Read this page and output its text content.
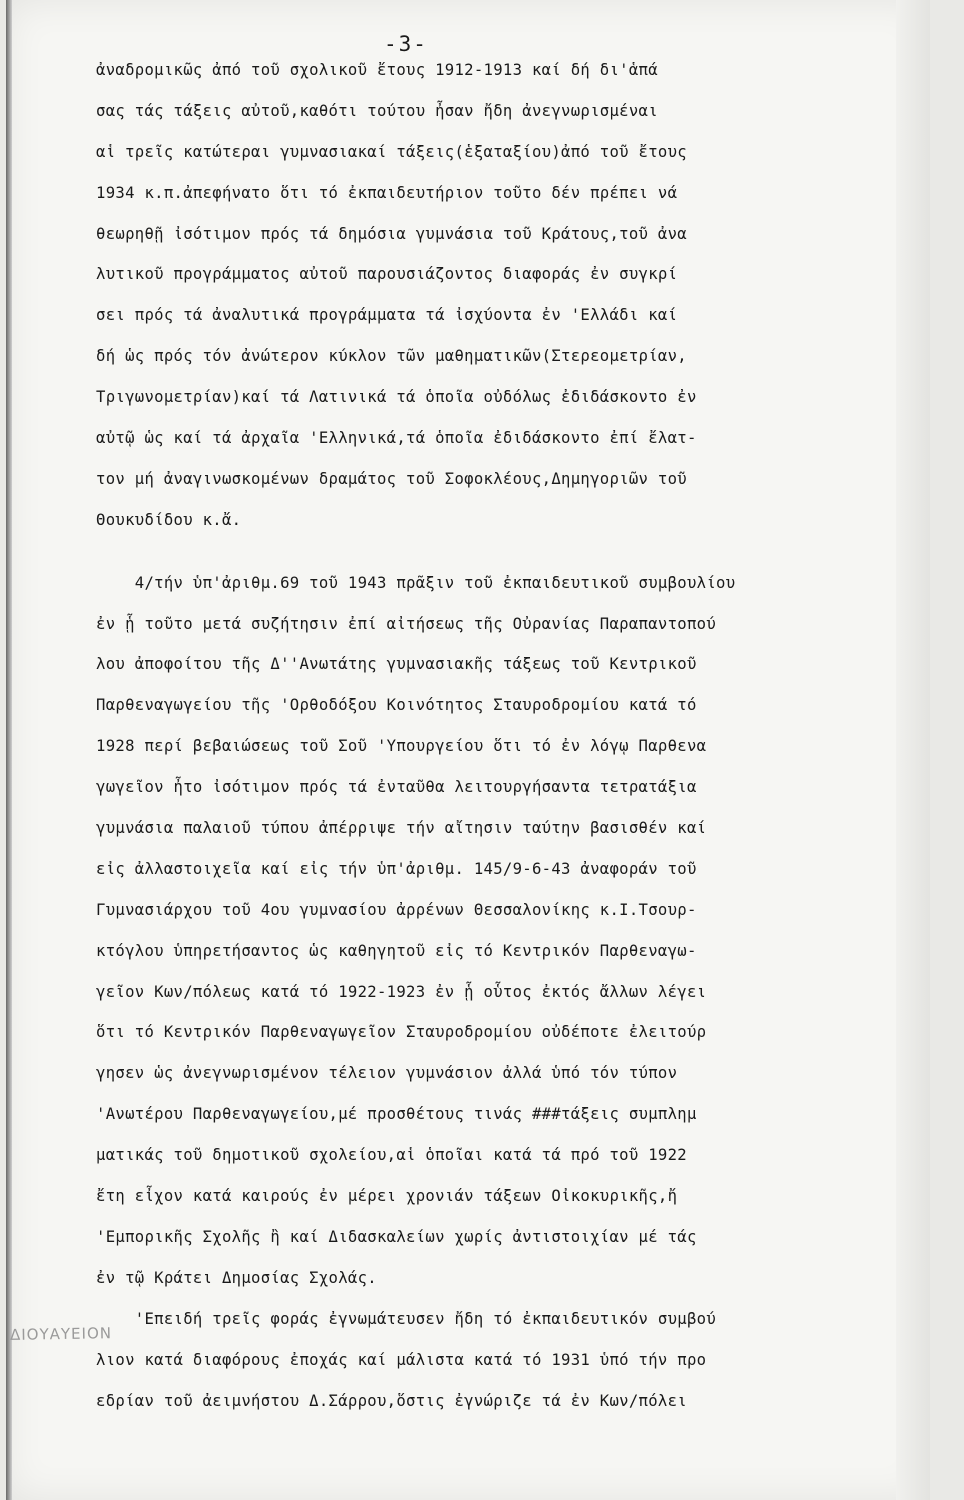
-3-
ἀναδρομικῶς ἀπό τοῦ σχολικοῦ ἔτους 1912-1913 καί δή δι'ἁπά
σας τάς τάξεις αὐτοῦ,καθότι τούτου ἦσαν ἤδη ἀνεγνωρισμέναι
αἱ τρεῖς κατώτεραι γυμνασιακαί τάξεις(ἑξαταξίου)ἀπό τοῦ ἔτους
1934 κ.π.ἀπεφήνατο ὅτι τό ἐκπαιδευτήριον τοῦτο δέν πρέπει νά
θεωρηθῇ ἰσότιμον πρός τά δημόσια γυμνάσια τοῦ Κράτους,τοῦ ἀνα
λυτικοῦ προγράμματος αὐτοῦ παρουσιάζοντος διαφοράς ἐν συγκρί
σει πρός τά ἀναλυτικά προγράμματα τά ἰσχύοντα ἐν 'Ελλάδι καί
δή ὡς πρός τόν ἀνώτερον κύκλον τῶν μαθηματικῶν(Στερεομετρίαν,
Τριγωνομετρίαν)καί τά Λατινικά τά ὁποῖα οὐδόλως ἐδιδάσκοντο ἐν
αὐτῷ ὡς καί τά ἀρχαῖα 'Ελληνικά,τά ὁποῖα ἐδιδάσκοντο ἐπί ἔλατ-
τον μή ἀναγινωσκομένων δραμάτος τοῦ Σοφοκλέους,Δημηγοριῶν τοῦ
Θουκυδίδου κ.ἄ.
4/τήν ὑπ'ἀριθμ.69 τοῦ 1943 πρᾶξιν τοῦ ἐκπαιδευτικοῦ συμβουλίου
ἐν ᾗ τοῦτο μετά συζήτησιν ἐπί αἰτήσεως τῆς Οὐρανίας Παραπαντοπού
λου ἀποφοίτου τῆς Δ''Ανωτάτης γυμνασιακῆς τάξεως τοῦ Κεντρικοῦ
Παρθεναγωγείου τῆς 'Ορθοδόξου Κοινότητος Σταυροδρομίου κατά τό
1928 περί βεβαιώσεως τοῦ Σοῦ 'Υπουργείου ὅτι τό ἐν λόγῳ Παρθενα
γωγεῖον ἦτο ἰσότιμον πρός τά ἐνταῦθα λειτουργήσαντα τετρατάξια
γυμνάσια παλαιοῦ τύπου ἀπέρριψε τήν αἴτησιν ταύτην βασισθέν καί
εἰς ἀλλαστοιχεῖα καί εἰς τήν ὑπ'ἀριθμ. 145/9-6-43 ἀναφοράν τοῦ
Γυμνασιάρχου τοῦ 4ου γυμνασίου ἀρρένων Θεσσαλονίκης κ.Ι.Τσουρ-
κτόγλου ὑπηρετήσαντος ὡς καθηγητοῦ εἰς τό Κεντρικόν Παρθεναγω-
γεῖον Κων/πόλεως κατά τό 1922-1923 ἐν ᾗ οὗτος ἐκτός ἄλλων λέγει
ὅτι τό Κεντρικόν Παρθεναγωγεῖον Σταυροδρομίου οὐδέποτε ἐλειτούρ
γησεν ὡς ἀνεγνωρισμένον τέλειον γυμνάσιον ἀλλά ὑπό τόν τύπον
'Ανωτέρου Παρθεναγωγείου,μέ προσθέτους τινάς ###τάξεις συμπλημ
ματικάς τοῦ δημοτικοῦ σχολείου,αἱ ὁποῖαι κατά τά πρό τοῦ 1922
ἔτη εἶχον κατά καιρούς ἐν μέρει χρονιάν τάξεων Οἰκοκυρικῆς,ἤ
'Εμπορικῆς Σχολῆς ἢ καί Διδασκαλείων χωρίς ἀντιστοιχίαν μέ τάς
ἐν τῷ Κράτει Δημοσίας Σχολάς.
'Επειδή τρεῖς φοράς ἐγνωμάτευσεν ἤδη τό ἐκπαιδευτικόν συμβού
λιον κατά διαφόρους ἐποχάς καί μάλιστα κατά τό 1931 ὑπό τήν προ
εδρίαν τοῦ ἀειμνήστου Δ.Σάρρου,ὅστις ἐγνώριζε τά ἐν Κων/πόλει
ΔΙΟΥΑΥΕΙΟΝ
